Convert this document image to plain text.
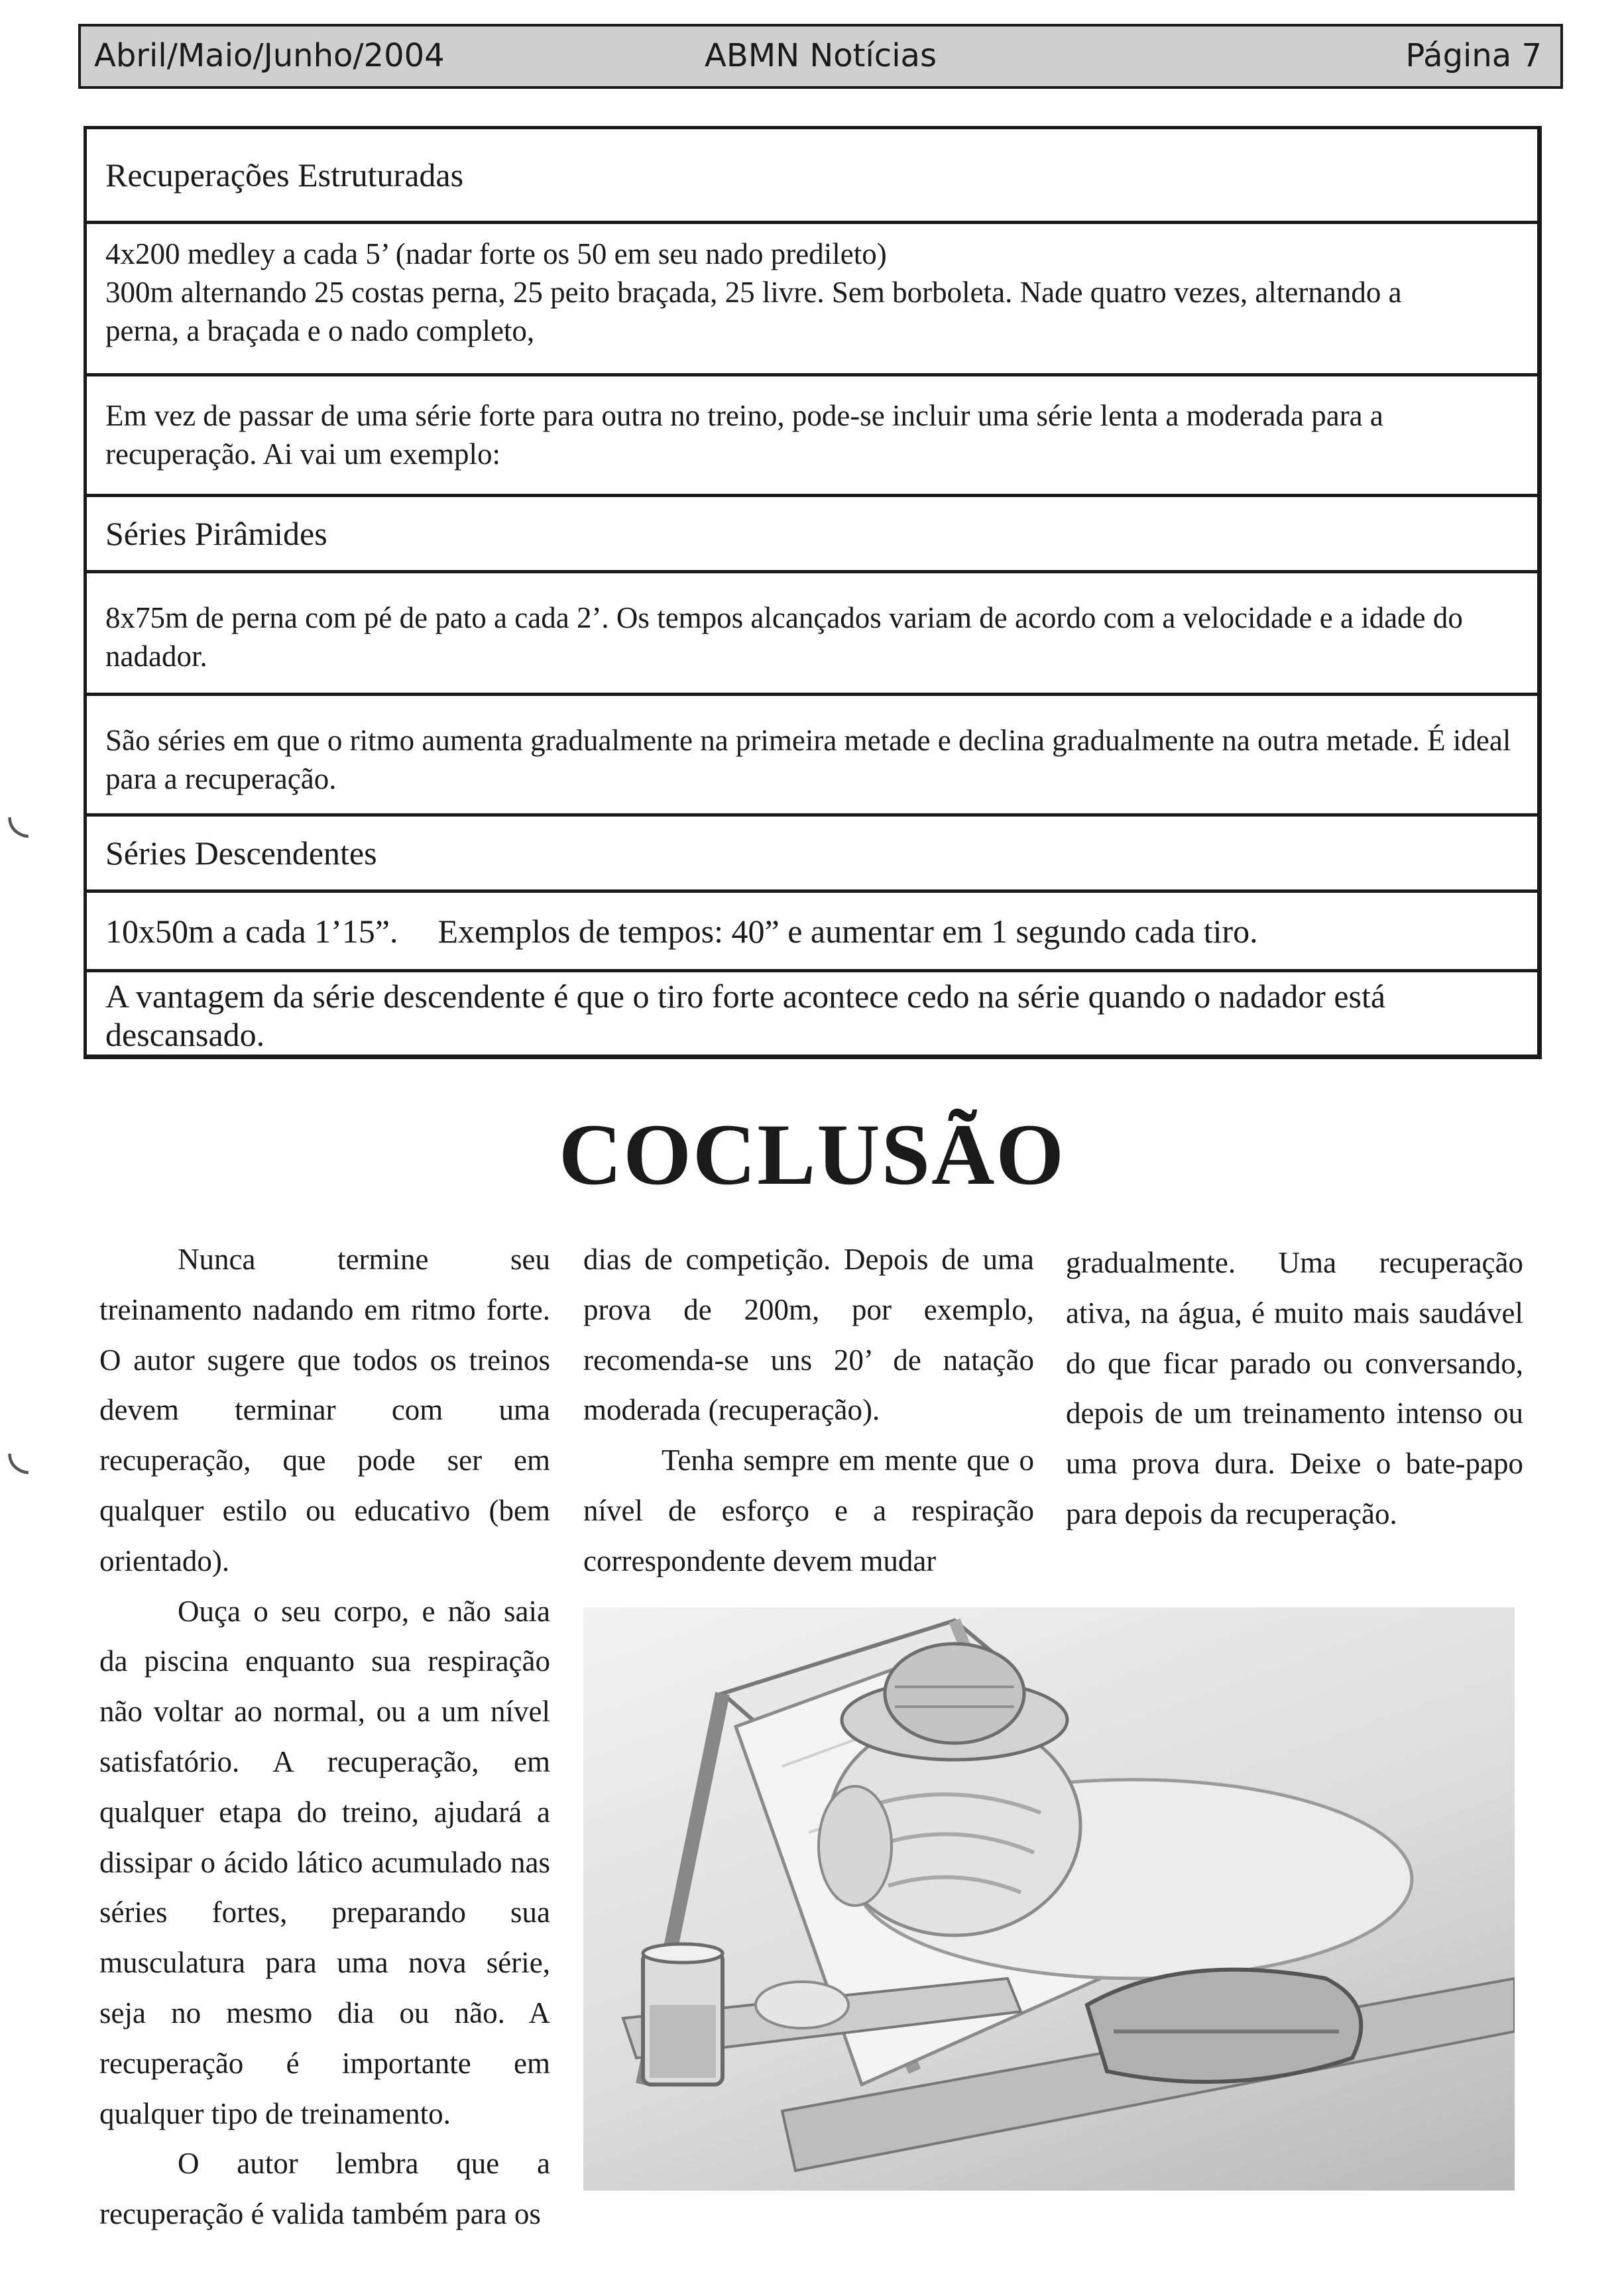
Abril/Maio/Junho/2004	ABMN Notícias	Página 7
Recuperações Estruturadas
4x200 medley a cada 5’ (nadar forte os 50 em seu nado predileto)
300m alternando 25 costas perna, 25 peito braçada, 25 livre. Sem borboleta. Nade quatro vezes, alternando a
perna, a braçada e o nado completo,
Em vez de passar de uma série forte para outra no treino, pode-se incluir uma série lenta a moderada para a recuperação. Ai vai um exemplo:
Séries Pirâmides
8x75m de perna com pé de pato a cada 2’. Os tempos alcançados variam de acordo com a velocidade e a idade do nadador.
São séries em que o ritmo aumenta gradualmente na primeira metade e declina gradualmente na outra metade. É ideal para a recuperação.
Séries Descendentes
10x50m a cada 1’15”. Exemplos de tempos: 40” e aumentar em 1 segundo cada tiro.
A vantagem da série descendente é que o tiro forte acontece cedo na série quando o nadador está descansado.
COCLUSÃO

Nunca termine seu treinamento nadando em ritmo forte. O autor sugere que todos os treinos devem terminar com uma recuperação, que pode ser em qualquer estilo ou educativo (bem orientado).

Ouça o seu corpo, e não saia da piscina enquanto sua respiração não voltar ao normal, ou a um nível satisfatório. A recuperação, em qualquer etapa do treino, ajudará a dissipar o ácido lático acumulado nas séries fortes, preparando sua musculatura para uma nova série, seja no mesmo dia ou não. A recuperação é importante em qualquer tipo de treinamento.

O autor lembra que a recuperação é valida também para os

dias de competição. Depois de uma prova de 200m, por exemplo, recomenda-se uns 20’ de natação moderada (recuperação).

Tenha sempre em mente que o nível de esforço e a respiração correspondente devem mudar

gradualmente. Uma recuperação ativa, na água, é muito mais saudável do que ficar parado ou conversando, depois de um treinamento intenso ou uma prova dura. Deixe o bate-papo para depois da recuperação.

◟
◟
